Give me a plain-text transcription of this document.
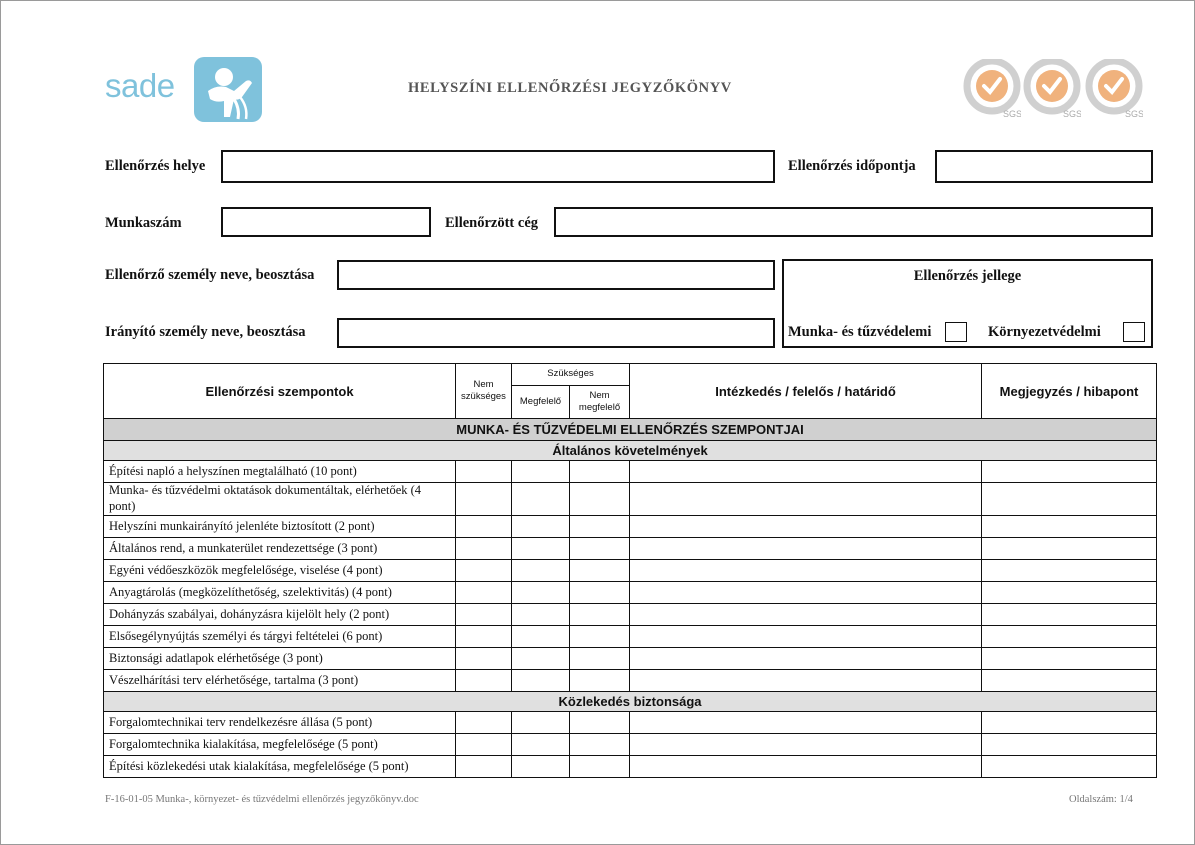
sade	HELYSZÍNI ELLENŐRZÉSI JEGYZŐKÖNYV
SGS	SGS	SGS
Ellenőrzés helye	Ellenőrzés időpontja
Munkaszám	Ellenőrzött cég
Ellenőrző személy neve, beosztása
Irányító személy neve, beosztása
Ellenőrzés jellege
Munka- és tűzvédelemi	Környezetvédelmi
Ellenőrzési szempontok	Nem szükséges	Szükséges		Intézkedés / felelős / határidő	Megjegyzés / hibapont
		Megfelelő	Nem megfelelő		
MUNKA- ÉS TŰZVÉDELMI ELLENŐRZÉS SZEMPONTJAI					
Általános követelmények					
Építési napló a helyszínen megtalálható (10 pont)					
Munka- és tűzvédelmi oktatások dokumentáltak, elérhetőek (4 pont)					
Helyszíni munkairányító jelenléte biztosított (2 pont)					
Általános rend, a munkaterület rendezettsége (3 pont)					
Egyéni védőeszközök megfelelősége, viselése (4 pont)					
Anyagtárolás (megközelíthetőség, szelektivitás) (4 pont)					
Dohányzás szabályai, dohányzásra kijelölt hely (2 pont)					
Elsősegélynyújtás személyi és tárgyi feltételei (6 pont)					
Biztonsági adatlapok elérhetősége (3 pont)					
Vészelhárítási terv elérhetősége, tartalma (3 pont)					
Közlekedés biztonsága					
Forgalomtechnikai terv rendelkezésre állása (5 pont)					
Forgalomtechnika kialakítása, megfelelősége (5 pont)					
Építési közlekedési utak kialakítása, megfelelősége (5 pont)					
F-16-01-05 Munka-, környezet- és tűzvédelmi ellenőrzés jegyzőkönyv.doc	Oldalszám: 1/4
